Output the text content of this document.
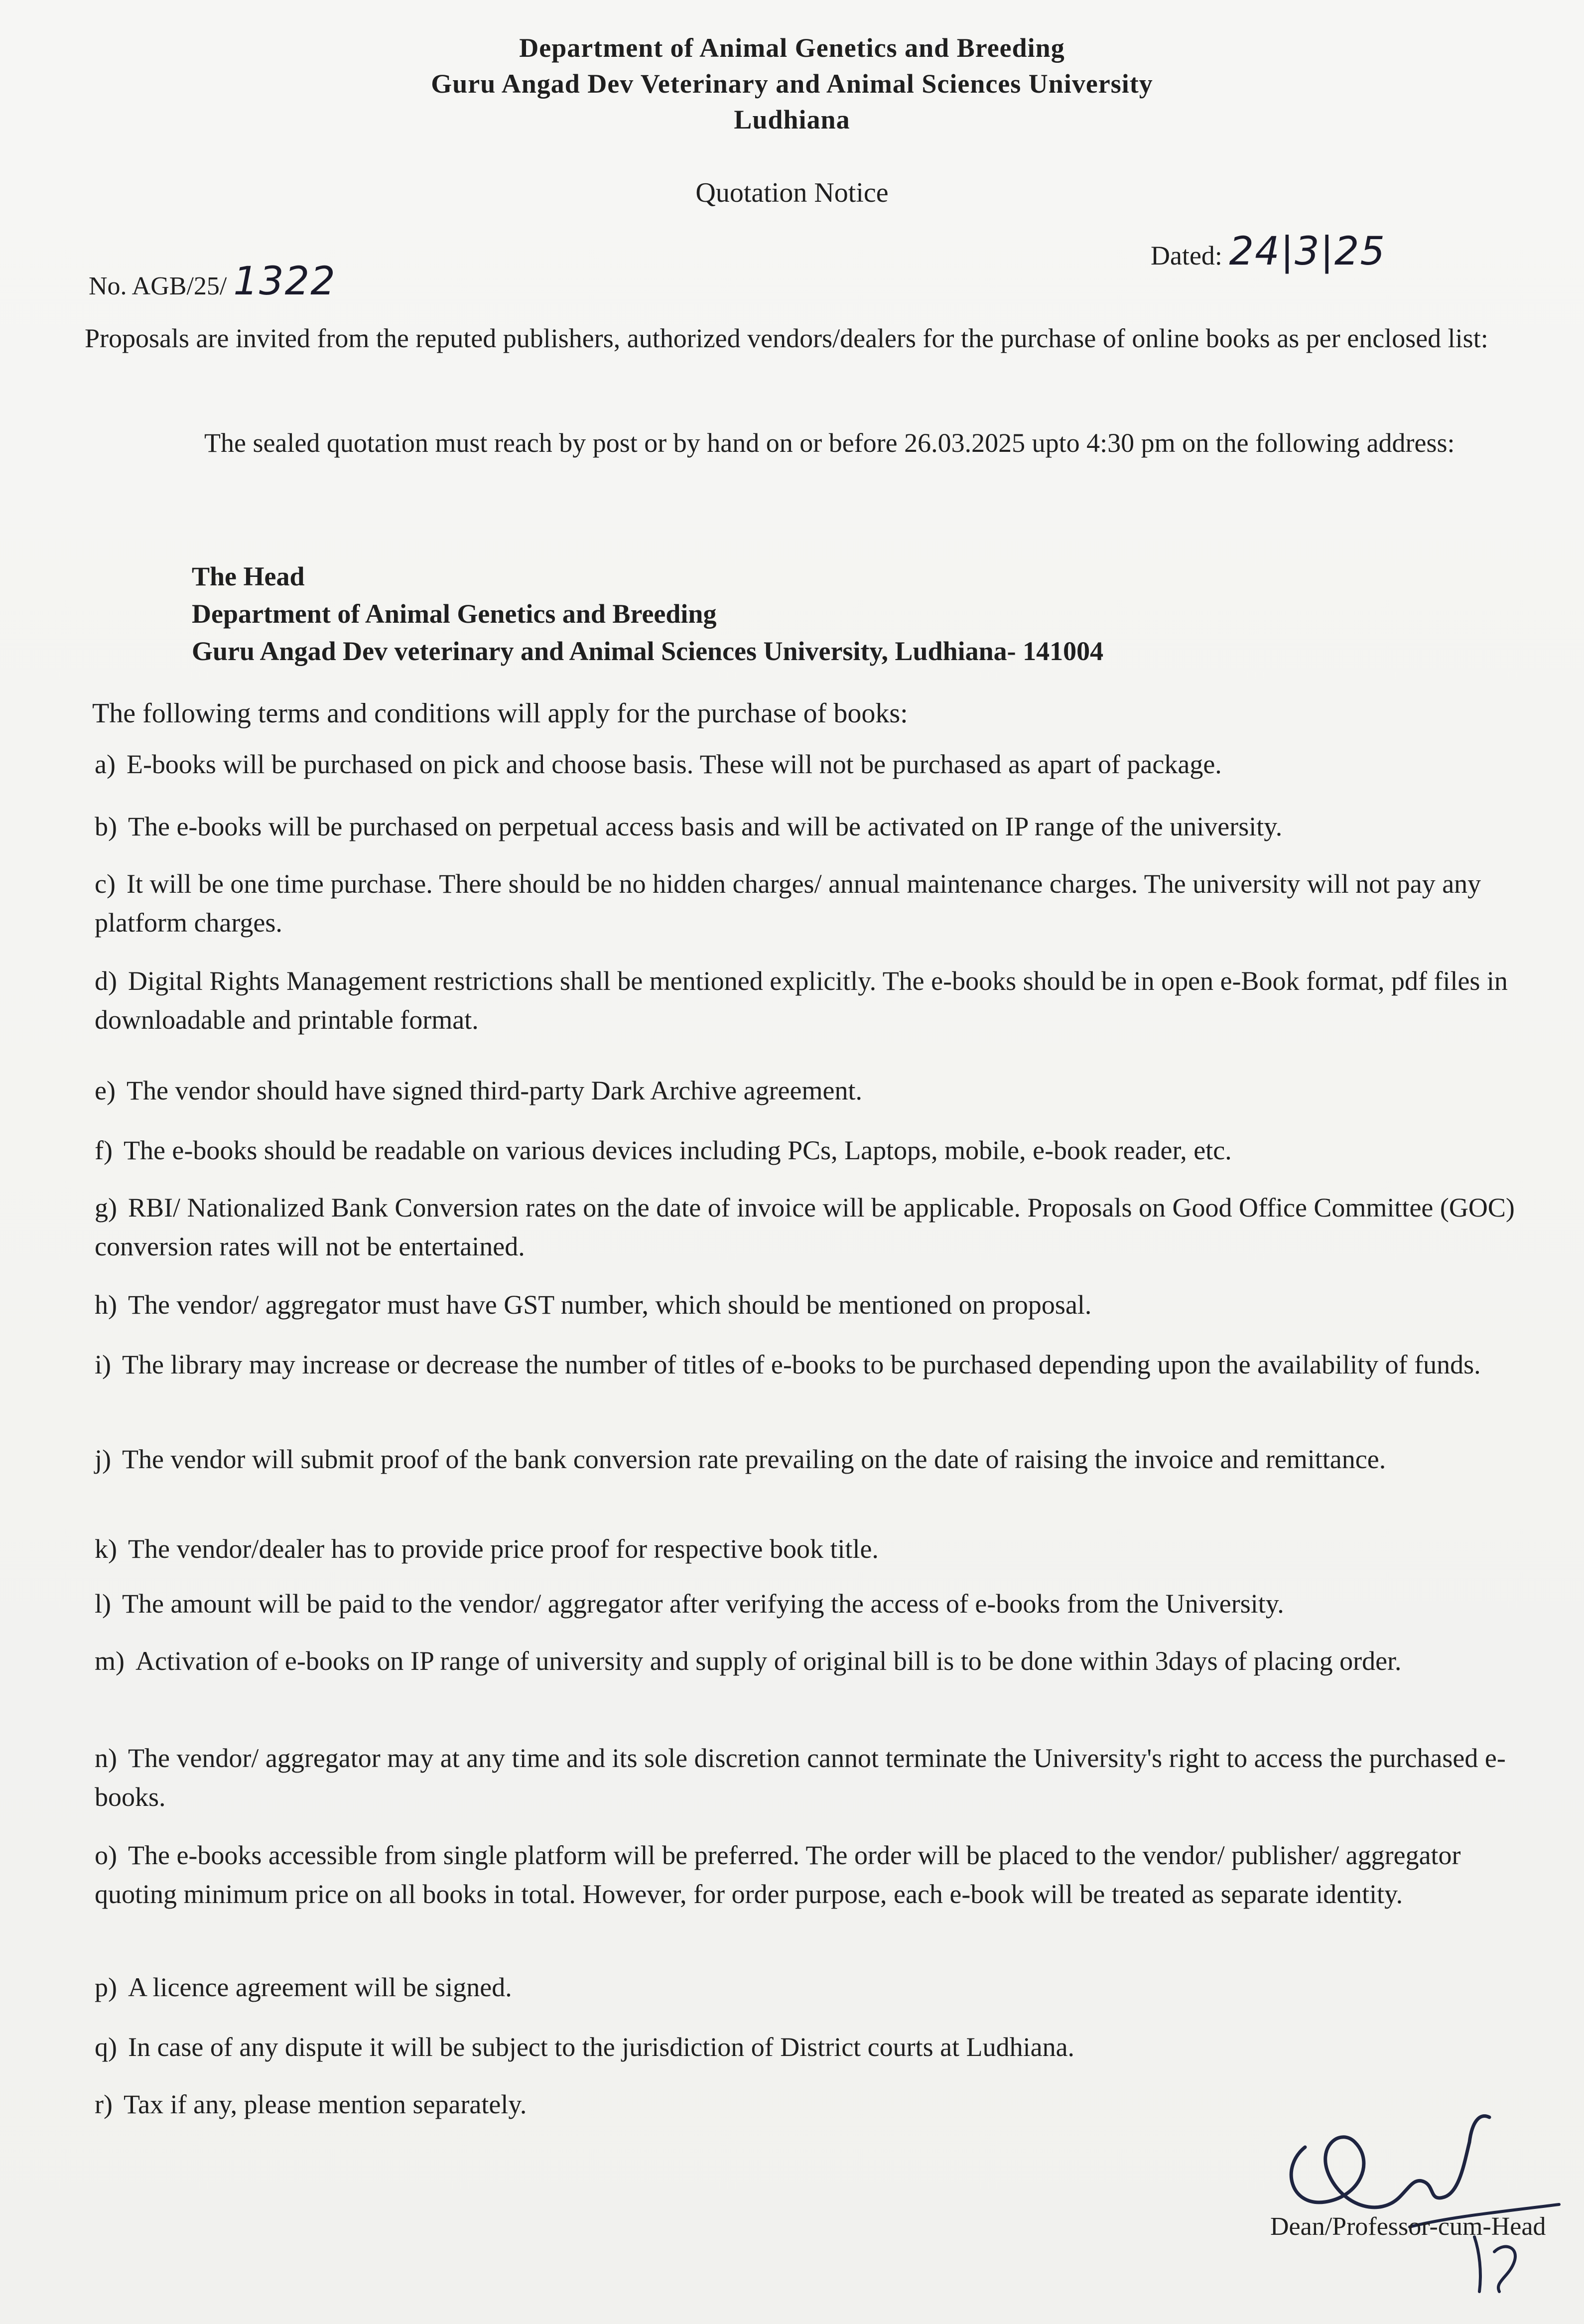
Department of Animal Genetics and Breeding
Guru Angad Dev Veterinary and Animal Sciences University
Ludhiana
Quotation Notice
No. AGB/25/ 1322
Dated: 24|3|25
Proposals are invited from the reputed publishers, authorized vendors/dealers for the purchase of online books as per enclosed list:
The sealed quotation must reach by post or by hand on or before 26.03.2025 upto 4:30 pm on the following address:
The Head
Department of Animal Genetics and Breeding
Guru Angad Dev veterinary and Animal Sciences University, Ludhiana- 141004
The following terms and conditions will apply for the purchase of books:
a) E-books will be purchased on pick and choose basis. These will not be purchased as apart of package.
b) The e-books will be purchased on perpetual access basis and will be activated on IP range of the university.
c) It will be one time purchase. There should be no hidden charges/ annual maintenance charges. The university will not pay any platform charges.
d) Digital Rights Management restrictions shall be mentioned explicitly. The e-books should be in open e-Book format, pdf files in downloadable and printable format.
e) The vendor should have signed third-party Dark Archive agreement.
f) The e-books should be readable on various devices including PCs, Laptops, mobile, e-book reader, etc.
g) RBI/ Nationalized Bank Conversion rates on the date of invoice will be applicable. Proposals on Good Office Committee (GOC) conversion rates will not be entertained.
h) The vendor/ aggregator must have GST number, which should be mentioned on proposal.
i) The library may increase or decrease the number of titles of e-books to be purchased depending upon the availability of funds.
j) The vendor will submit proof of the bank conversion rate prevailing on the date of raising the invoice and remittance.
k) The vendor/dealer has to provide price proof for respective book title.
l) The amount will be paid to the vendor/ aggregator after verifying the access of e-books from the University.
m) Activation of e-books on IP range of university and supply of original bill is to be done within 3days of placing order.
n) The vendor/ aggregator may at any time and its sole discretion cannot terminate the University's right to access the purchased e-books.
o) The e-books accessible from single platform will be preferred. The order will be placed to the vendor/ publisher/ aggregator quoting minimum price on all books in total. However, for order purpose, each e-book will be treated as separate identity.
p) A licence agreement will be signed.
q) In case of any dispute it will be subject to the jurisdiction of District courts at Ludhiana.
r) Tax if any, please mention separately.
Dean/Professor-cum-Head
